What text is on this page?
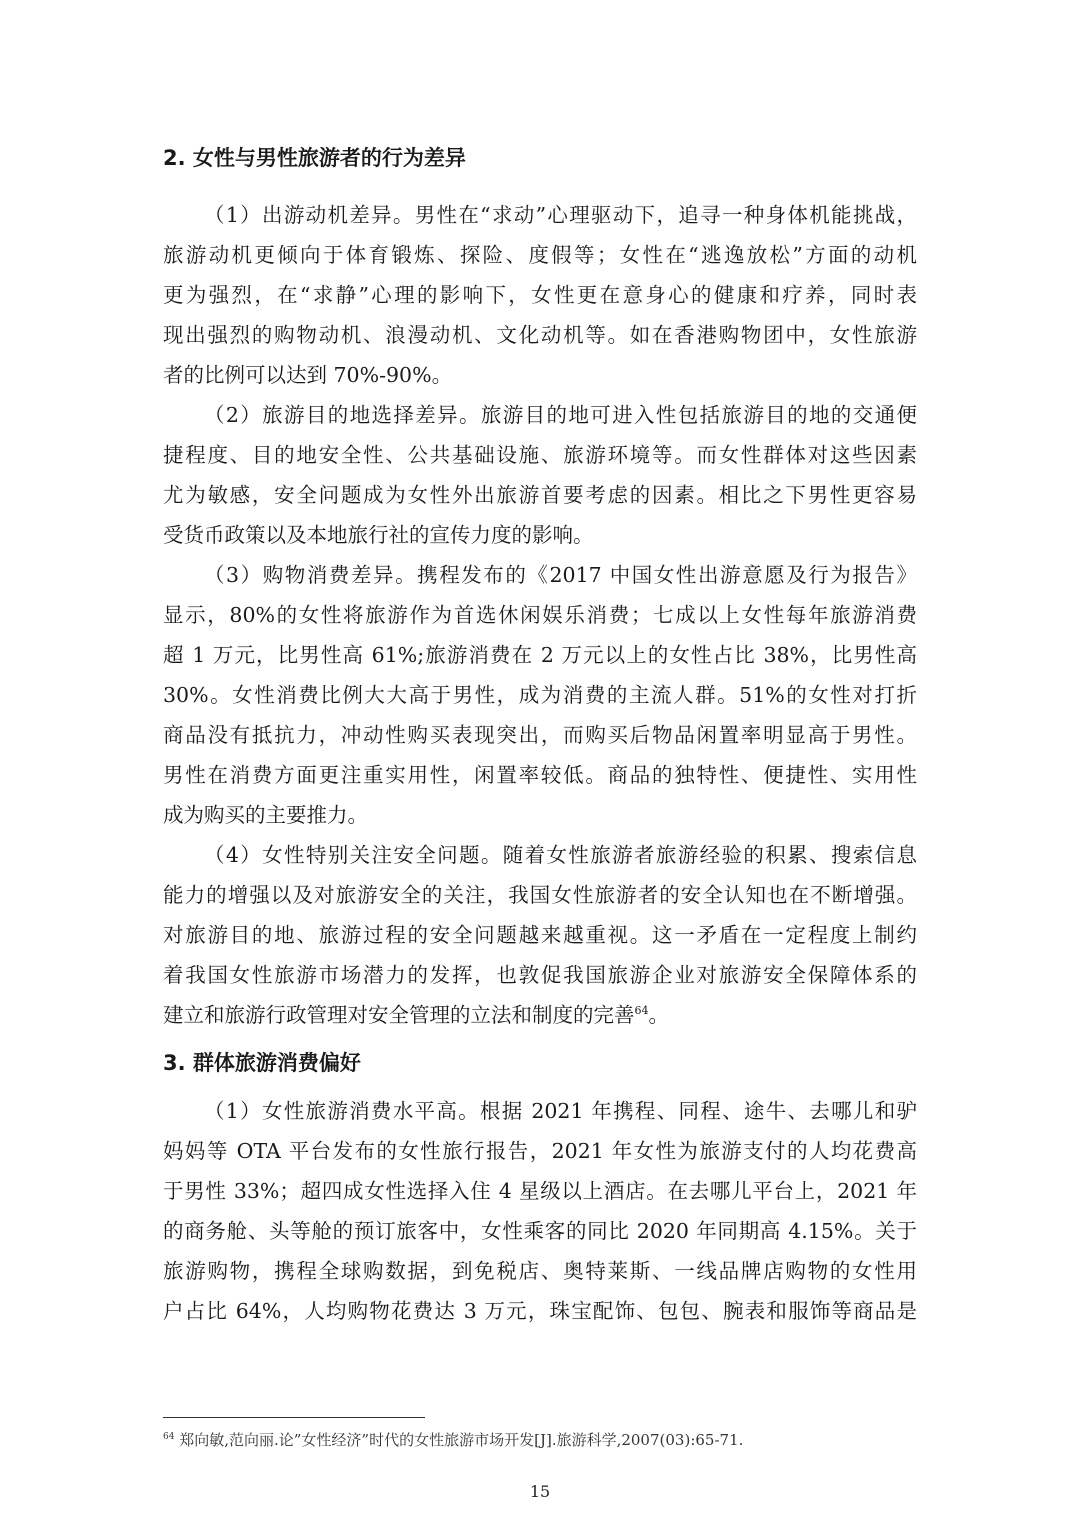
2. 女性与男性旅游者的行为差异
（1）出游动机差异。男性在“求动”心理驱动下，追寻一种身体机能挑战，
旅游动机更倾向于体育锻炼、探险、度假等；女性在“逃逸放松”方面的动机
更为强烈，在“求静”心理的影响下，女性更在意身心的健康和疗养，同时表
现出强烈的购物动机、浪漫动机、文化动机等。如在香港购物团中，女性旅游
者的比例可以达到 70%-90%。
（2）旅游目的地选择差异。旅游目的地可进入性包括旅游目的地的交通便
捷程度、目的地安全性、公共基础设施、旅游环境等。而女性群体对这些因素
尤为敏感，安全问题成为女性外出旅游首要考虑的因素。相比之下男性更容易
受货币政策以及本地旅行社的宣传力度的影响。
（3）购物消费差异。携程发布的《2017 中国女性出游意愿及行为报告》
显示，80%的女性将旅游作为首选休闲娱乐消费；七成以上女性每年旅游消费
超 1 万元，比男性高 61%;旅游消费在 2 万元以上的女性占比 38%，比男性高
30%。女性消费比例大大高于男性，成为消费的主流人群。51%的女性对打折
商品没有抵抗力，冲动性购买表现突出，而购买后物品闲置率明显高于男性。
男性在消费方面更注重实用性，闲置率较低。商品的独特性、便捷性、实用性
成为购买的主要推力。
（4）女性特别关注安全问题。随着女性旅游者旅游经验的积累、搜索信息
能力的增强以及对旅游安全的关注，我国女性旅游者的安全认知也在不断增强。
对旅游目的地、旅游过程的安全问题越来越重视。这一矛盾在一定程度上制约
着我国女性旅游市场潜力的发挥，也敦促我国旅游企业对旅游安全保障体系的
建立和旅游行政管理对安全管理的立法和制度的完善$^{64}$。
3. 群体旅游消费偏好
（1）女性旅游消费水平高。根据 2021 年携程、同程、途牛、去哪儿和驴
妈妈等 OTA 平台发布的女性旅行报告，2021 年女性为旅游支付的人均花费高
于男性 33%；超四成女性选择入住 4 星级以上酒店。在去哪儿平台上，2021 年
的商务舱、头等舱的预订旅客中，女性乘客的同比 2020 年同期高 4.15%。关于
旅游购物，携程全球购数据，到免税店、奥特莱斯、一线品牌店购物的女性用
户占比 64%，人均购物花费达 3 万元，珠宝配饰、包包、腕表和服饰等商品是
$^{64}$ 郑向敏,范向丽.论”女性经济”时代的女性旅游市场开发[J].旅游科学,2007(03):65-71.
15
